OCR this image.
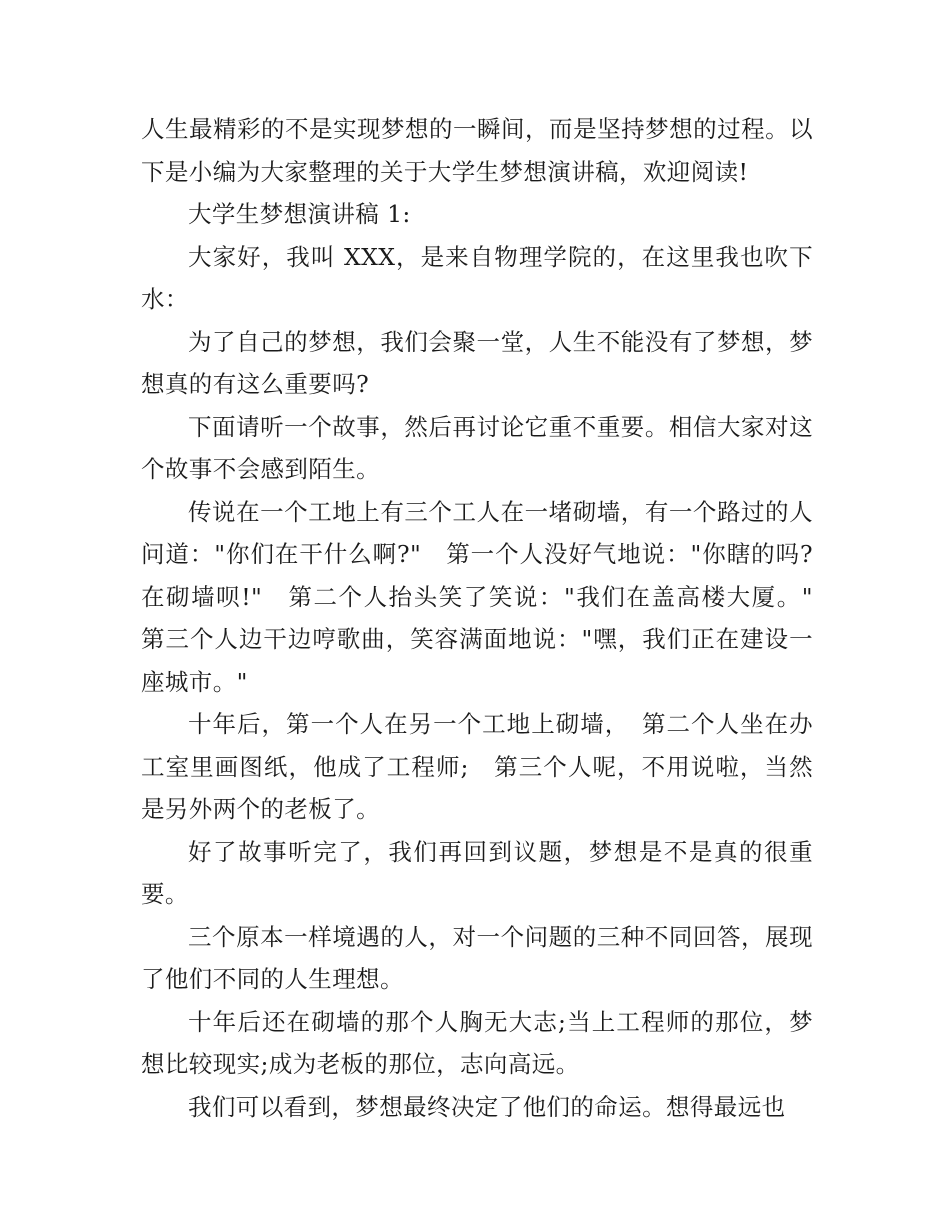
人生最精彩的不是实现梦想的一瞬间，而是坚持梦想的过程。以下是小编为大家整理的关于大学生梦想演讲稿，欢迎阅读!

大学生梦想演讲稿 1:

大家好，我叫 XXX，是来自物理学院的，在这里我也吹下水：

为了自己的梦想，我们会聚一堂，人生不能没有了梦想，梦想真的有这么重要吗?

下面请听一个故事，然后再讨论它重不重要。相信大家对这个故事不会感到陌生。

传说在一个工地上有三个工人在一堵砌墙，有一个路过的人问道："你们在干什么啊?"　第一个人没好气地说："你瞎的吗?在砌墙呗!"　第二个人抬头笑了笑说："我们在盖高楼大厦。"　第三个人边干边哼歌曲，笑容满面地说："嘿，我们正在建设一座城市。"

十年后，第一个人在另一个工地上砌墙，　第二个人坐在办工室里画图纸，他成了工程师;　第三个人呢，不用说啦，当然是另外两个的老板了。

好了故事听完了，我们再回到议题，梦想是不是真的很重要。

三个原本一样境遇的人，对一个问题的三种不同回答，展现了他们不同的人生理想。

十年后还在砌墙的那个人胸无大志;当上工程师的那位，梦想比较现实;成为老板的那位，志向高远。

我们可以看到，梦想最终决定了他们的命运。想得最远也
